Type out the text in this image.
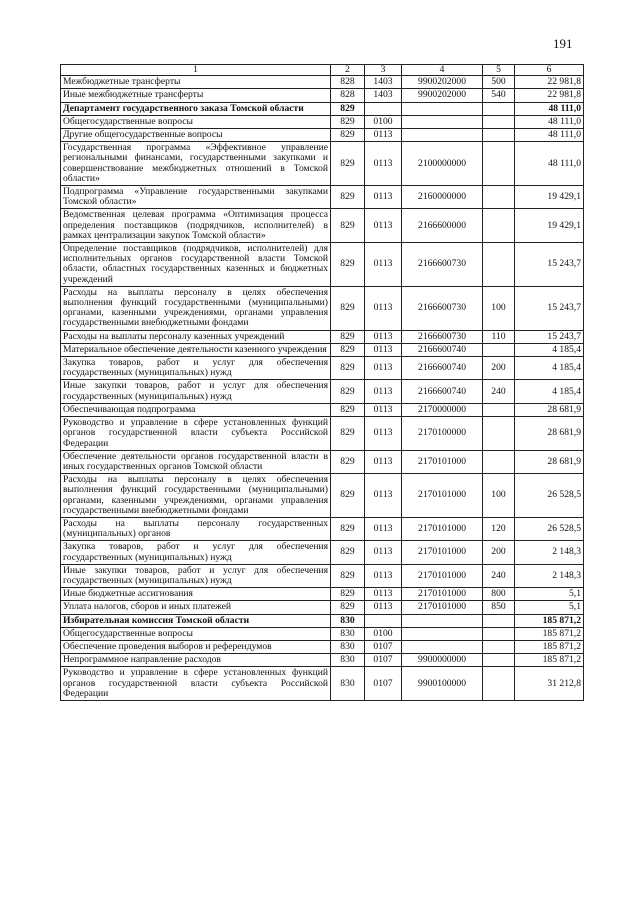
191
1	2	3	4	5	6
Межбюджетные трансферты	828	1403	9900202000	500	22 981,8
Иные межбюджетные трансферты	828	1403	9900202000	540	22 981,8
Департамент государственного заказа Томской области	829				48 111,0
Общегосударственные вопросы	829	0100			48 111,0
Другие общегосударственные вопросы	829	0113			48 111,0
Государственная программа «Эффективное управление региональными финансами, государственными закупками и совершенствование межбюджетных отношений в Томской области»	829	0113	2100000000		48 111,0
Подпрограмма «Управление государственными закупками Томской области»	829	0113	2160000000		19 429,1
Ведомственная целевая программа «Оптимизация процесса определения поставщиков (подрядчиков, исполнителей) в рамках централизации закупок Томской области»	829	0113	2166600000		19 429,1
Определение поставщиков (подрядчиков, исполнителей) для исполнительных органов государственной власти Томской области, областных государственных казенных и бюджетных учреждений	829	0113	2166600730		15 243,7
Расходы на выплаты персоналу в целях обеспечения выполнения функций государственными (муниципальными) органами, казенными учреждениями, органами управления государственными внебюджетными фондами	829	0113	2166600730	100	15 243,7
Расходы на выплаты персоналу казенных учреждений	829	0113	2166600730	110	15 243,7
Материальное обеспечение деятельности казенного учреждения	829	0113	2166600740		4 185,4
Закупка товаров, работ и услуг для обеспечения государственных (муниципальных) нужд	829	0113	2166600740	200	4 185,4
Иные закупки товаров, работ и услуг для обеспечения государственных (муниципальных) нужд	829	0113	2166600740	240	4 185,4
Обеспечивающая подпрограмма	829	0113	2170000000		28 681,9
Руководство и управление в сфере установленных функций органов государственной власти субъекта Российской Федерации	829	0113	2170100000		28 681,9
Обеспечение деятельности органов государственной власти в иных государственных органов Томской области	829	0113	2170101000		28 681,9
Расходы на выплаты персоналу в целях обеспечения выполнения функций государственными (муниципальными) органами, казенными учреждениями, органами управления государственными внебюджетными фондами	829	0113	2170101000	100	26 528,5
Расходы на выплаты персоналу государственных (муниципальных) органов	829	0113	2170101000	120	26 528,5
Закупка товаров, работ и услуг для обеспечения государственных (муниципальных) нужд	829	0113	2170101000	200	2 148,3
Иные закупки товаров, работ и услуг для обеспечения государственных (муниципальных) нужд	829	0113	2170101000	240	2 148,3
Иные бюджетные ассигнования	829	0113	2170101000	800	5,1
Уплата налогов, сборов и иных платежей	829	0113	2170101000	850	5,1
Избирательная комиссия Томской области	830				185 871,2
Общегосударственные вопросы	830	0100			185 871,2
Обеспечение проведения выборов и референдумов	830	0107			185 871,2
Непрограммное направление расходов	830	0107	9900000000		185 871,2
Руководство и управление в сфере установленных функций органов государственной власти субъекта Российской Федерации	830	0107	9900100000		31 212,8
